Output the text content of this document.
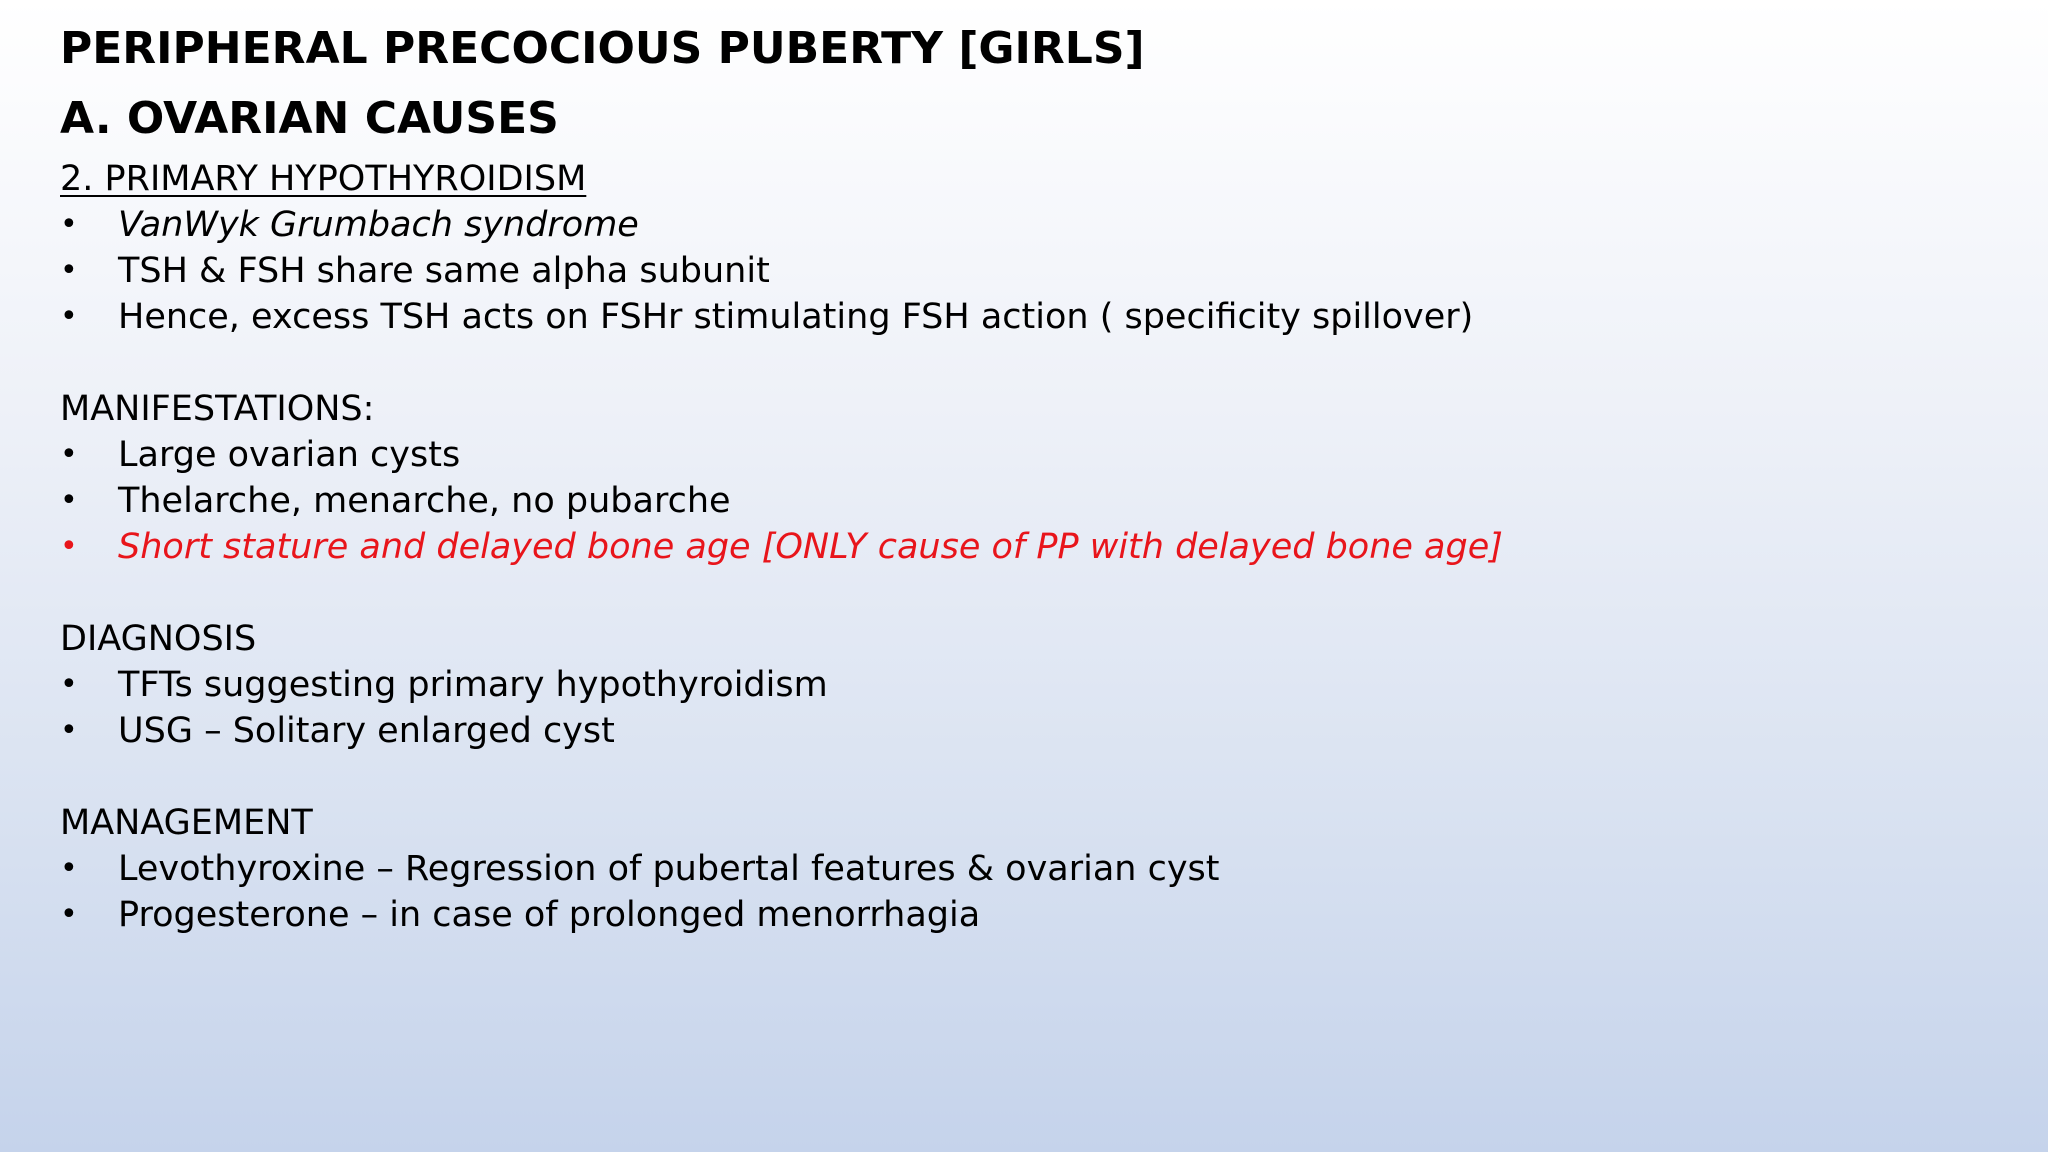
PERIPHERAL PRECOCIOUS PUBERTY [GIRLS]
A. OVARIAN CAUSES

2. PRIMARY HYPOTHYROIDISM

•	VanWyk Grumbach syndrome
•	TSH & FSH share same alpha subunit
•	Hence, excess TSH acts on FSHr stimulating FSH action ( specificity spillover)

MANIFESTATIONS:

•	Large ovarian cysts
•	Thelarche, menarche, no pubarche
•	Short stature and delayed bone age [ONLY cause of PP with delayed bone age]

DIAGNOSIS

•	TFTs suggesting primary hypothyroidism
•	USG – Solitary enlarged cyst

MANAGEMENT

•	Levothyroxine – Regression of pubertal features & ovarian cyst
•	Progesterone – in case of prolonged menorrhagia
